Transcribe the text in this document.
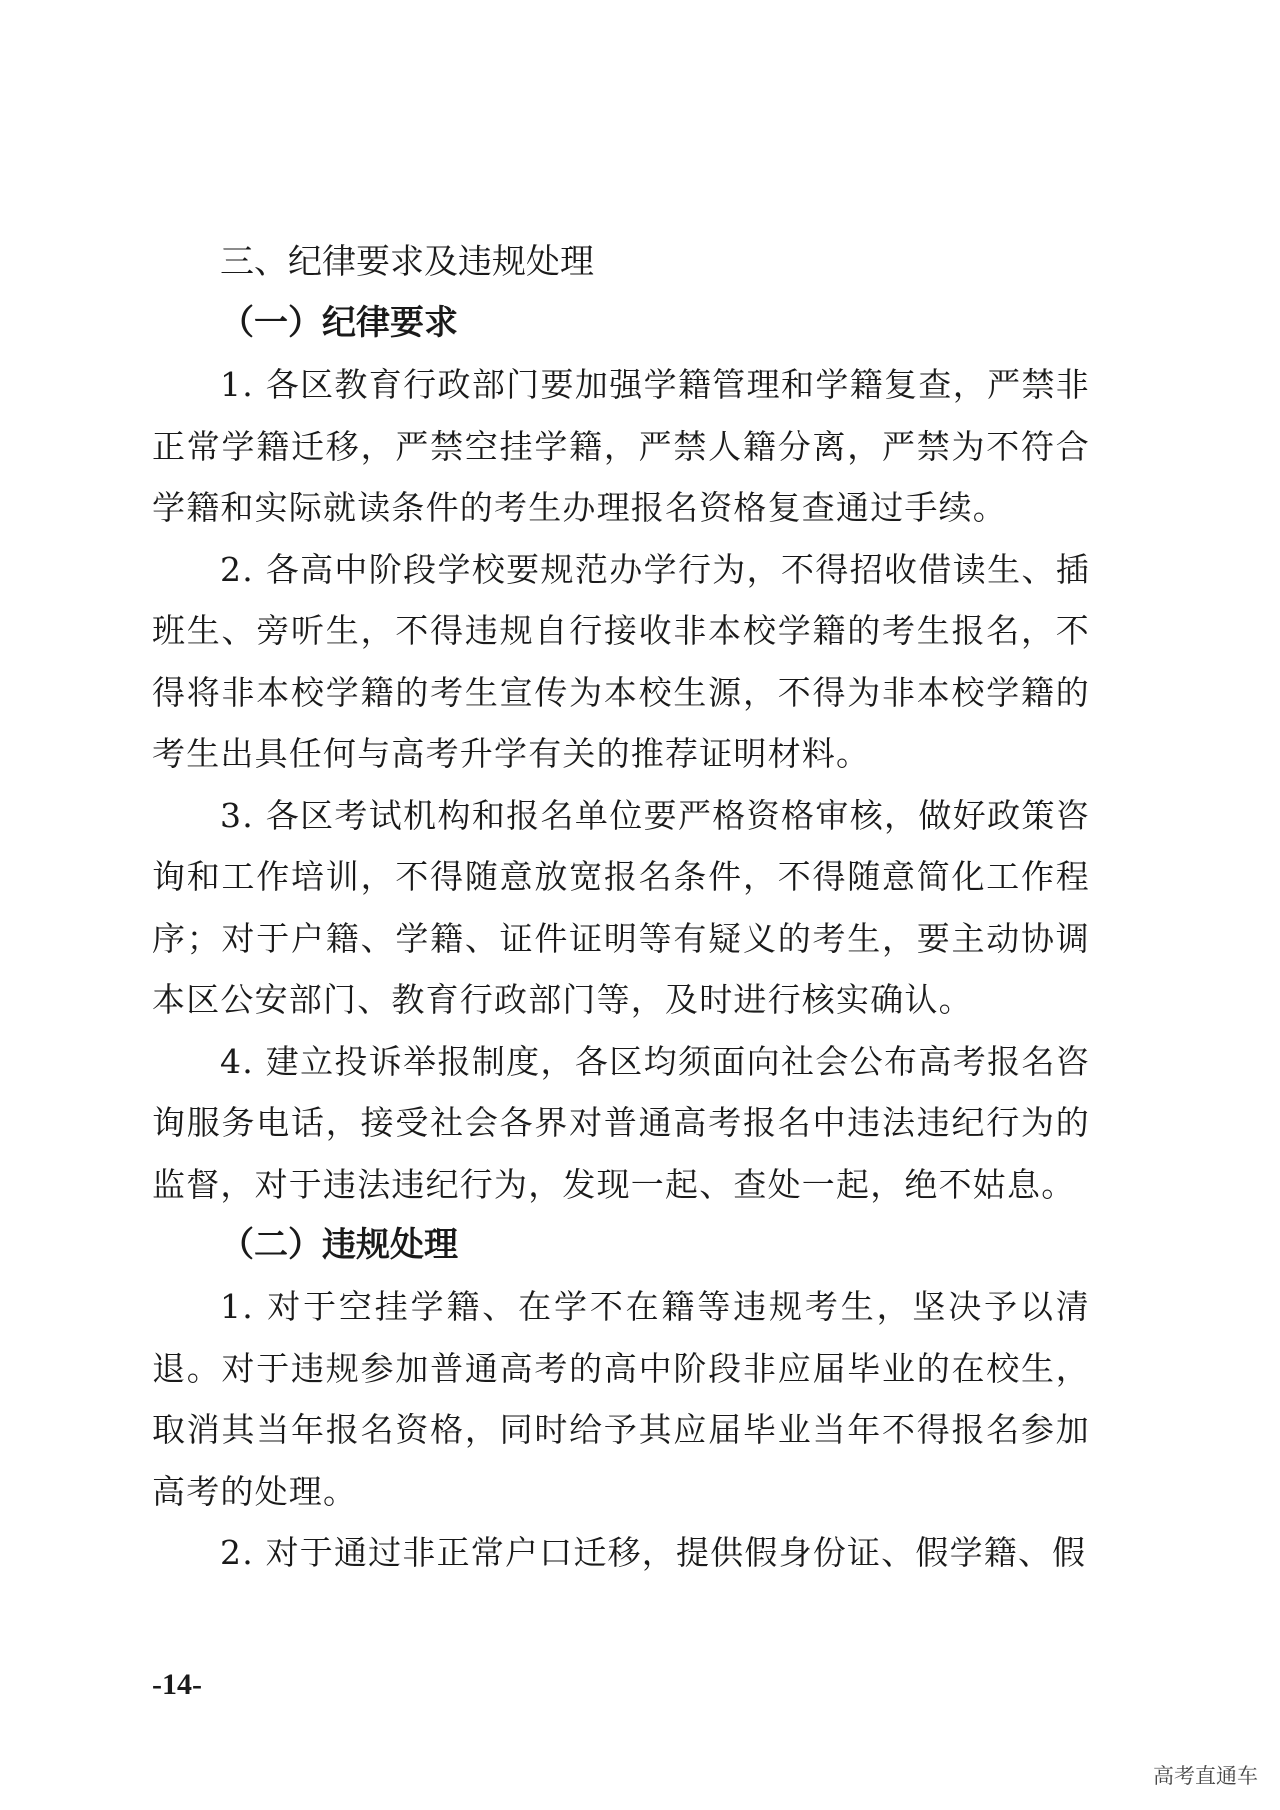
三、纪律要求及违规处理
（一）纪律要求

1. 各区教育行政部门要加强学籍管理和学籍复查，严禁非正常学籍迁移，严禁空挂学籍，严禁人籍分离，严禁为不符合学籍和实际就读条件的考生办理报名资格复查通过手续。

2. 各高中阶段学校要规范办学行为，不得招收借读生、插班生、旁听生，不得违规自行接收非本校学籍的考生报名，不得将非本校学籍的考生宣传为本校生源，不得为非本校学籍的考生出具任何与高考升学有关的推荐证明材料。

3. 各区考试机构和报名单位要严格资格审核，做好政策咨询和工作培训，不得随意放宽报名条件，不得随意简化工作程序；对于户籍、学籍、证件证明等有疑义的考生，要主动协调本区公安部门、教育行政部门等，及时进行核实确认。

4. 建立投诉举报制度，各区均须面向社会公布高考报名咨询服务电话，接受社会各界对普通高考报名中违法违纪行为的监督，对于违法违纪行为，发现一起、查处一起，绝不姑息。

（二）违规处理

1. 对于空挂学籍、在学不在籍等违规考生，坚决予以清退。对于违规参加普通高考的高中阶段非应届毕业的在校生，取消其当年报名资格，同时给予其应届毕业当年不得报名参加高考的处理。

2. 对于通过非正常户口迁移，提供假身份证、假学籍、假

-14-
高考直通车
